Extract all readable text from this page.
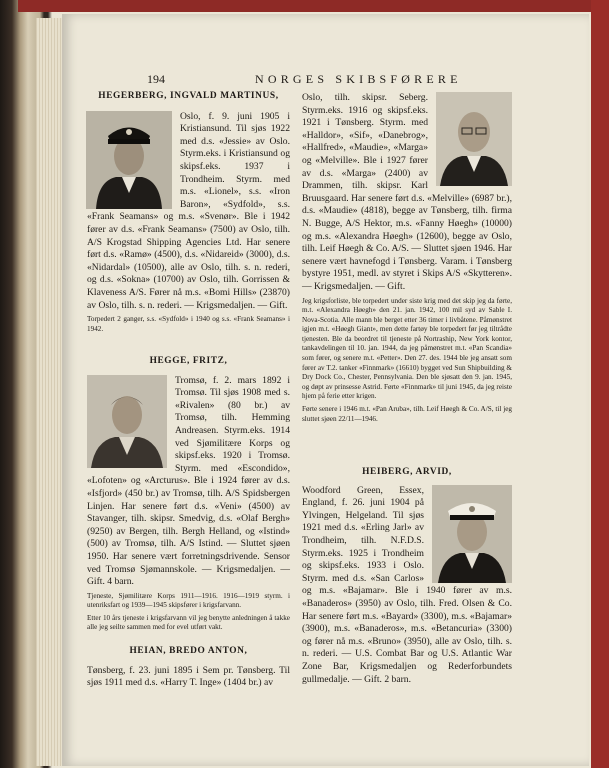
194	NORGES SKIBSFØRERE
HEGERBERG, INGVALD MARTINUS,

Oslo, f. 9. juni 1905 i Kristiansund. Til sjøs 1922 med d.s. «Jessie» av Oslo. Styrm.eks. i Kristiansund og skipsf.eks. 1937 i Trondheim. Styrm. med m.s. «Lionel», s.s. «Iron Baron», «Sydfold», s.s. «Frank Seamans» og m.s. «Svenør». Ble i 1942 fører av d.s. «Frank Seamans» (7500) av Oslo, tilh. A/S Krogstad Shipping Agencies Ltd. Har senere ført d.s. «Ramø» (4500), d.s. «Nidareid» (3000), d.s. «Nidardal» (10500), alle av Oslo, tilh. s. n. rederi, og d.s. «Sokna» (10700) av Oslo, tilh. Gorrissen & Klaveness A/S. Fører nå m.s. «Bomi Hills» (23870) av Oslo, tilh. s. n. rederi. — Krigsmedaljen. — Gift.

Torpedert 2 ganger, s.s. «Sydfold» i 1940 og s.s. «Frank Seamans» i 1942.

HEGGE, FRITZ,

Tromsø, f. 2. mars 1892 i Tromsø. Til sjøs 1908 med s. «Rivalen» (80 br.) av Tromsø, tilh. Hemming Andreasen. Styrm.eks. 1914 ved Sjømilitære Korps og skipsf.eks. 1920 i Tromsø. Styrm. med «Escondido», «Lofoten» og «Arcturus». Ble i 1924 fører av d.s. «Isfjord» (450 br.) av Tromsø, tilh. A/S Spidsbergen Linjen. Har senere ført d.s. «Veni» (4500) av Stavanger, tilh. skipsr. Smedvig, d.s. «Olaf Bergh» (9250) av Bergen, tilh. Bergh Helland, og «Istind» (500) av Tromsø, tilh. A/S Istind. — Sluttet sjøen 1950. Har senere vært forretningsdrivende. Sensor ved Tromsø Sjømannskole. — Krigsmedaljen. — Gift. 4 barn.

Tjeneste, Sjømilitære Korps 1911—1916. 1916—1919 styrm. i utenriksfart og 1939—1945 skipsfører i krigsfarvann.

Etter 10 års tjeneste i krigsfarvann vil jeg benytte anledningen å takke alle jeg seilte sammen med for evel utført vakt.

HEIAN, BREDO ANTON,

Tønsberg, f. 23. juni 1895 i Sem pr. Tønsberg. Til sjøs 1911 med d.s. «Harry T. Inge» (1404 br.) av

Oslo, tilh. skipsr. Seberg. Styrm.eks. 1916 og skipsf.eks. 1921 i Tønsberg. Styrm. med «Halldor», «Sif», «Danebrog», «Hallfred», «Maudie», «Marga» og «Melville». Ble i 1927 fører av d.s. «Marga» (2400) av Drammen, tilh. skipsr. Karl Bruusgaard. Har senere ført d.s. «Melville» (6987 br.), d.s. «Maudie» (4818), begge av Tønsberg, tilh. firma N. Bugge, A/S Hektor, m.s. «Fanny Høegh» (10000) og m.s. «Alexandra Høegh» (12600), begge av Oslo, tilh. Leif Høegh & Co. A/S. — Sluttet sjøen 1946. Har senere vært havnefogd i Tønsberg. Varam. i Tønsberg bystyre 1951, medl. av styret i Skips A/S «Skytteren». — Krigsmedaljen. — Gift.

Jeg krigsforliste, ble torpedert under siste krig med det skip jeg da førte, m.t. «Alexandra Høegh» den 21. jan. 1942, 100 mil syd av Sable I. Nova-Scotia. Alle mann ble berget etter 36 timer i livbåtene. Påmønstret igjen m.t. «Høegh Giant», men dette fartøy ble torpedert før jeg tiltrådte tjenesten. Ble da beordret til tjeneste på Nortraship, New York kontor, tankavdelingen til 10. jan. 1944, da jeg påmønstret m.t. «Pan Scandia» som fører, og senere m.t. «Petter». Den 27. des. 1944 ble jeg ansatt som fører av T.2. tanker «Finnmark» (16610) bygget ved Sun Shipbuilding & Dry Dock Co., Chester, Pennsylvania. Den ble sjøsatt den 9. jan. 1945, og døpt av prinsesse Astrid. Førte «Finnmark» til juni 1945, da jeg reiste hjem på ferie etter krigen.

Førte senere i 1946 m.t. «Pan Aruba», tilh. Leif Høegh & Co. A/S, til jeg sluttet sjøen 22/11—1946.

HEIBERG, ARVID,

Woodford Green, Essex, England, f. 26. juni 1904 på Ylvingen, Helgeland. Til sjøs 1921 med d.s. «Erling Jarl» av Trondheim, tilh. N.F.D.S. Styrm.eks. 1925 i Trondheim og skipsf.eks. 1933 i Oslo. Styrm. med d.s. «San Carlos» og m.s. «Bajamar». Ble i 1940 fører av m.s. «Banaderos» (3950) av Oslo, tilh. Fred. Olsen & Co. Har senere ført m.s. «Bayard» (3300), m.s. «Bajamar» (3900), m.s. «Banaderos», m.s. «Betancuria» (3300) og fører nå m.s. «Bruno» (3950), alle av Oslo, tilh. s. n. rederi. — U.S. Combat Bar og U.S. Atlantic War Zone Bar, Krigsmedaljen og Rederforbundets gullmedalje. — Gift. 2 barn.
